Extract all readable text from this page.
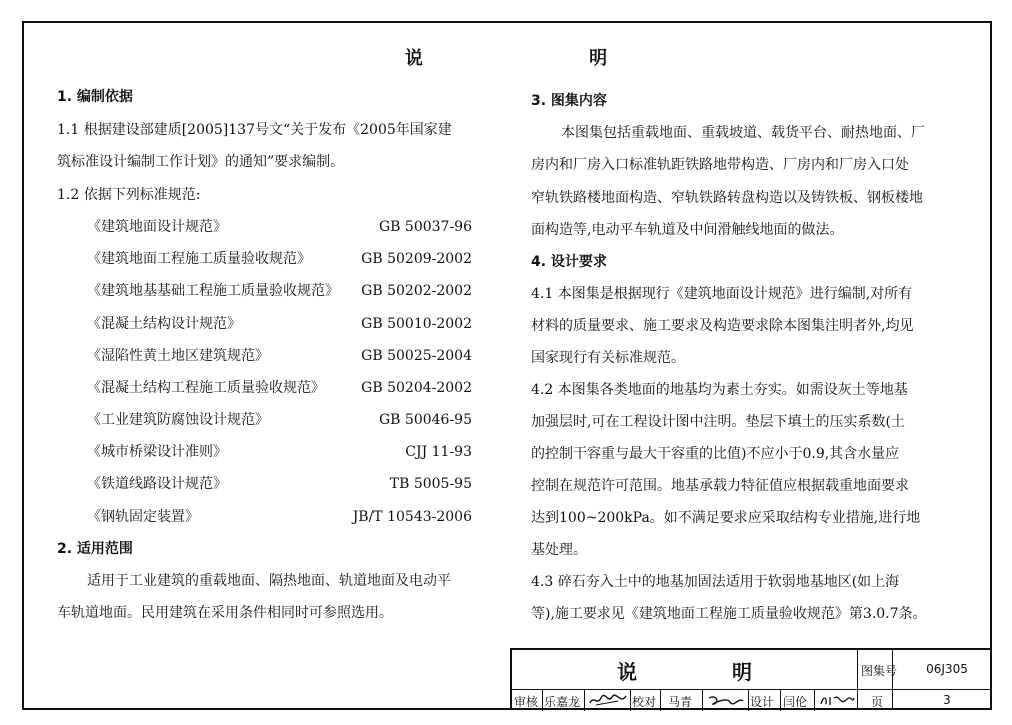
说 明
1. 编制依据
1.1 根据建设部建质[2005]137号文“关于发布《2005年国家建
筑标准设计编制工作计划》的通知”要求编制。
1.2 依据下列标准规范:
《建筑地面设计规范》	GB 50037-96
《建筑地面工程施工质量验收规范》	GB 50209-2002
《建筑地基基础工程施工质量验收规范》	GB 50202-2002
《混凝土结构设计规范》	GB 50010-2002
《湿陷性黄土地区建筑规范》	GB 50025-2004
《混凝土结构工程施工质量验收规范》	GB 50204-2002
《工业建筑防腐蚀设计规范》	GB 50046-95
《城市桥梁设计准则》	CJJ 11-93
《铁道线路设计规范》	TB 5005-95
《钢轨固定装置》	JB/T 10543-2006
2. 适用范围
适用于工业建筑的重载地面、隔热地面、轨道地面及电动平
车轨道地面。民用建筑在采用条件相同时可参照选用。
3. 图集内容
本图集包括重载地面、重载坡道、载货平台、耐热地面、厂
房内和厂房入口标准轨距铁路地带构造、厂房内和厂房入口处
窄轨铁路楼地面构造、窄轨铁路转盘构造以及铸铁板、钢板楼地
面构造等,电动平车轨道及中间滑触线地面的做法。
4. 设计要求
4.1 本图集是根据现行《建筑地面设计规范》进行编制,对所有
材料的质量要求、施工要求及构造要求除本图集注明者外,均见
国家现行有关标准规范。
4.2 本图集各类地面的地基均为素土夯实。如需设灰土等地基
加强层时,可在工程设计图中注明。垫层下填土的压实系数(土
的控制干容重与最大干容重的比值)不应小于0.9,其含水量应
控制在规范许可范围。地基承载力特征值应根据载重地面要求
达到100~200kPa。如不满足要求应采取结构专业措施,进行地
基处理。
4.3 碎石夯入土中的地基加固法适用于软弱地基地区(如上海
等),施工要求见《建筑地面工程施工质量验收规范》第3.0.7条。
说 明	图集号	06J305
审核 乐嘉龙	校对 马青	设计 闫伦	页	3
